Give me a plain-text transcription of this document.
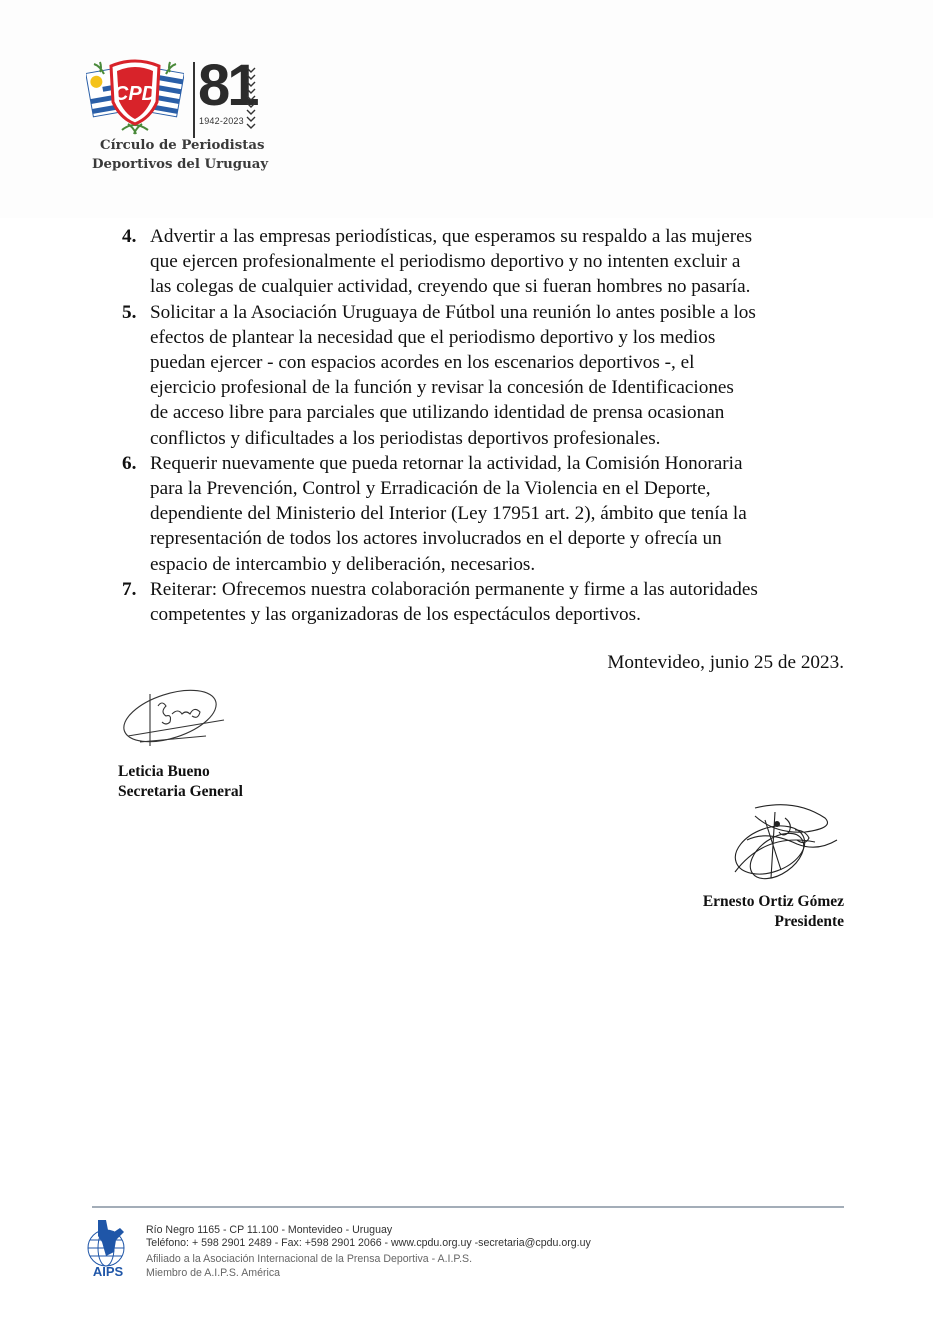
CPD 81
1942-2023
Círculo de Periodistas
Deportivos del Uruguay
4. Advertir a las empresas periodísticas, que esperamos su respaldo a las mujeres

que ejercen profesionalmente el periodismo deportivo y no intenten excluir a

las colegas de cualquier actividad, creyendo que si fueran hombres no pasaría.

5. Solicitar a la Asociación Uruguaya de Fútbol una reunión lo antes posible a los

efectos de plantear la necesidad que el periodismo deportivo y los medios

puedan ejercer - con espacios acordes en los escenarios deportivos -, el

ejercicio profesional de la función y revisar la concesión de Identificaciones

de acceso libre para parciales que utilizando identidad de prensa ocasionan

conflictos y dificultades a los periodistas deportivos profesionales.

6. Requerir nuevamente que pueda retornar la actividad, la Comisión Honoraria

para la Prevención, Control y Erradicación de la Violencia en el Deporte,

dependiente del Ministerio del Interior (Ley 17951 art. 2), ámbito que tenía la

representación de todos los actores involucrados en el deporte y ofrecía un

espacio de intercambio y deliberación, necesarios.

7. Reiterar: Ofrecemos nuestra colaboración permanente y firme a las autoridades

competentes y las organizadoras de los espectáculos deportivos.

Montevideo, junio 25 de 2023.
Leticia Bueno
Secretaria General
Ernesto Ortiz Gómez
Presidente
AIPS
Río Negro 1165 - CP 11.100 - Montevideo - Uruguay
Teléfono: + 598 2901 2489 - Fax: +598 2901 2066 - www.cpdu.org.uy -secretaria@cpdu.org.uy
Afiliado a la Asociación Internacional de la Prensa Deportiva - A.I.P.S.
Miembro de A.I.P.S. América
